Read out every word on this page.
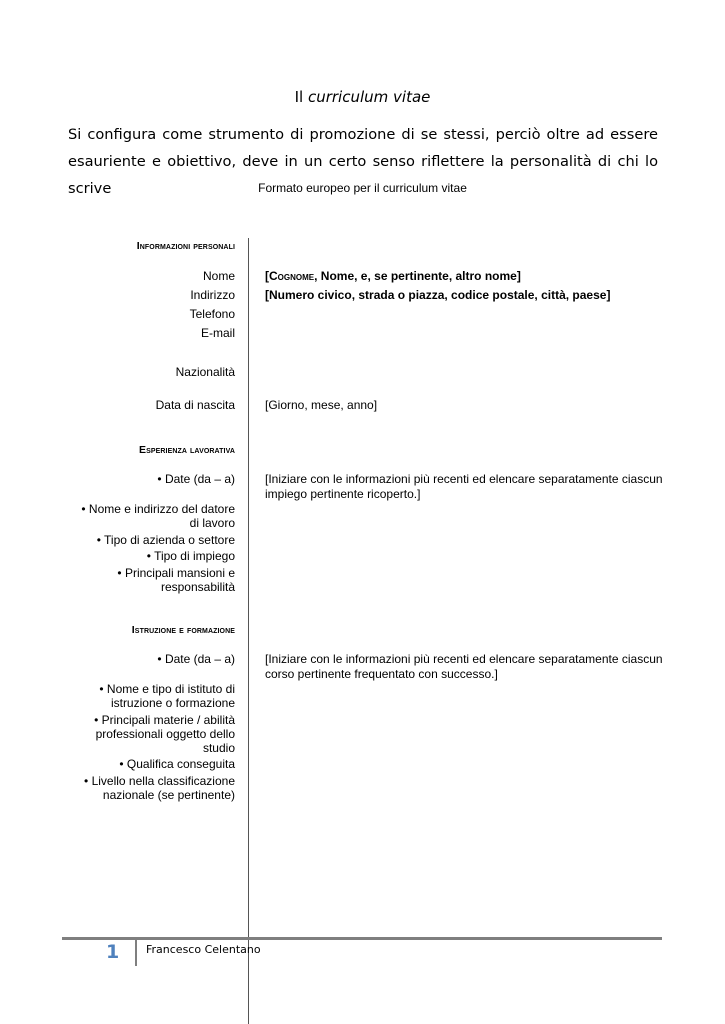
Il curriculum vitae
Si configura come strumento di promozione di se stessi, perciò oltre ad essere esauriente e obiettivo, deve in un certo senso riflettere la personalità di chi lo scrive	Formato europeo per il curriculum vitae
Informazioni personali
Nome
Indirizzo
Telefono
E-mail
Nazionalità
Data di nascita
[Cognome, Nome, e, se pertinente, altro nome]
[Numero civico, strada o piazza, codice postale, città, paese]
[Giorno, mese, anno]
Esperienza lavorativa
• Date (da – a)
• Nome e indirizzo del datore
di lavoro
• Tipo di azienda o settore
• Tipo di impiego
• Principali mansioni e
responsabilità
[Iniziare con le informazioni più recenti ed elencare separatamente ciascun impiego pertinente ricoperto.]
Istruzione e formazione
• Date (da – a)
• Nome e tipo di istituto di
istruzione o formazione
• Principali materie / abilità
professionali oggetto dello
studio
• Qualifica conseguita
• Livello nella classificazione
nazionale (se pertinente)
[Iniziare con le informazioni più recenti ed elencare separatamente ciascun corso pertinente frequentato con successo.]
1 Francesco Celentano
